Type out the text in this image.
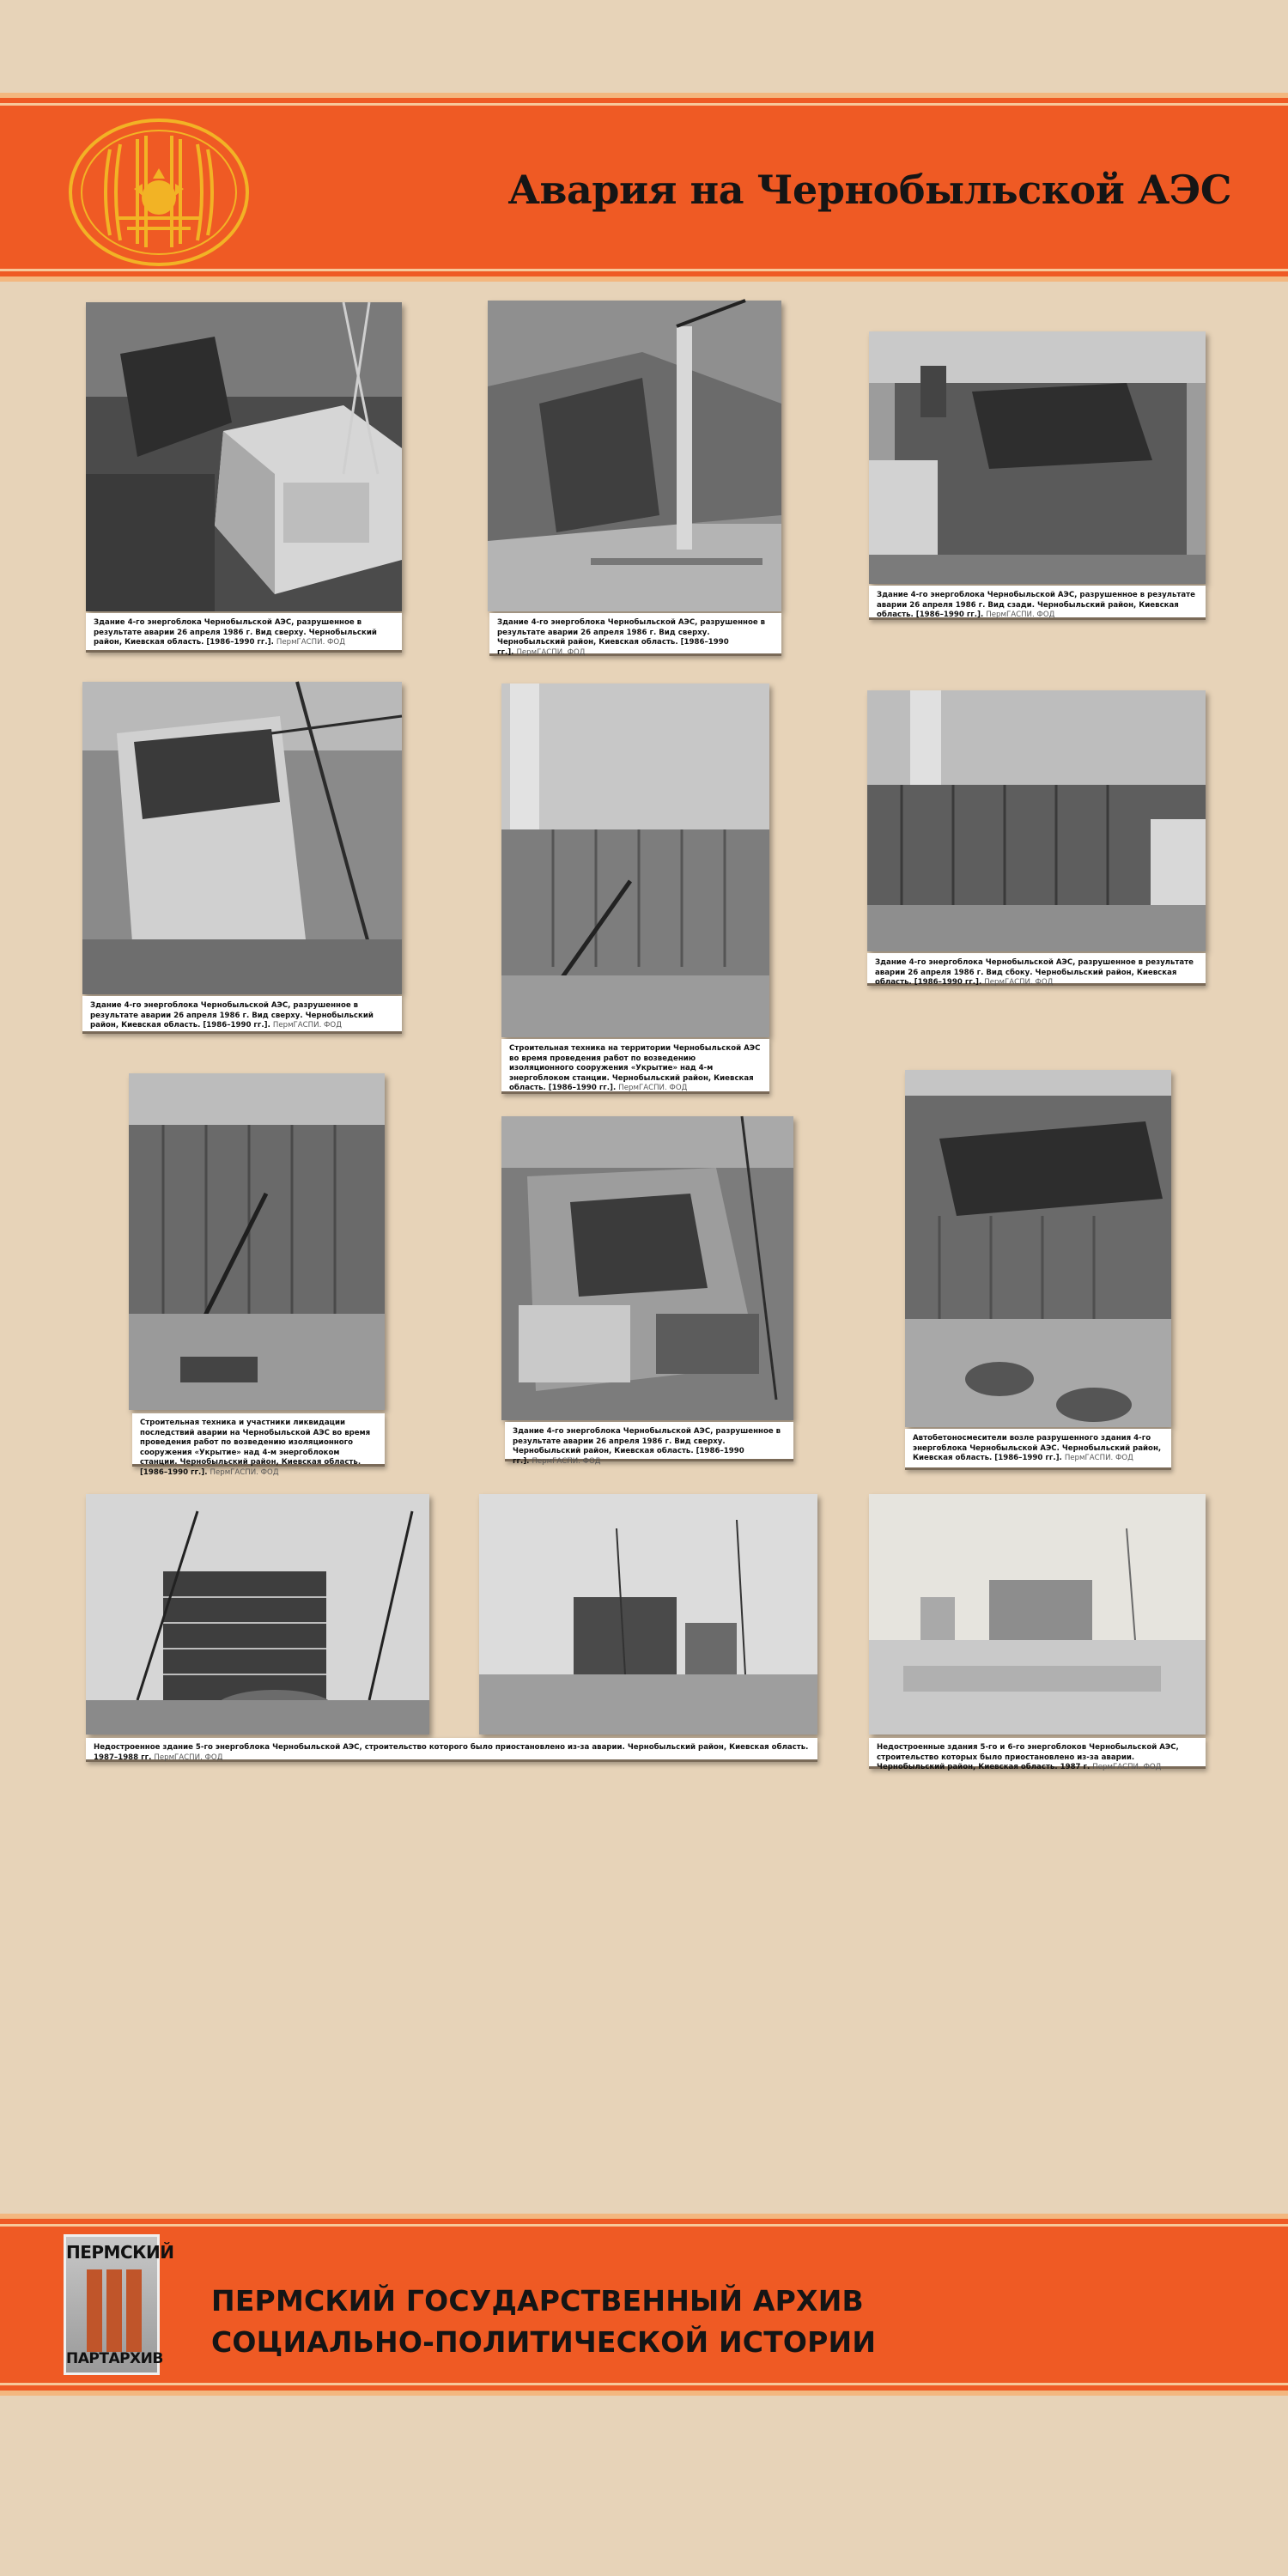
Авария на Чернобыльской АЭС
Здание 4-го энергоблока Чернобыльской АЭС, разрушенное в результате аварии 26 апреля 1986 г. Вид сверху. Чернобыльский район, Киевская область. [1986–1990 гг.]. ПермГАСПИ. ФОД
Здание 4-го энергоблока Чернобыльской АЭС, разрушенное в результате аварии 26 апреля 1986 г. Вид сверху. Чернобыльский район, Киевская область. [1986–1990 гг.]. ПермГАСПИ. ФОД
Здание 4-го энергоблока Чернобыльской АЭС, разрушенное в результате аварии 26 апреля 1986 г. Вид сзади. Чернобыльский район, Киевская область. [1986–1990 гг.]. ПермГАСПИ. ФОД
Здание 4-го энергоблока Чернобыльской АЭС, разрушенное в результате аварии 26 апреля 1986 г. Вид сверху. Чернобыльский район, Киевская область. [1986–1990 гг.]. ПермГАСПИ. ФОД
Строительная техника на территории Чернобыльской АЭС во время проведения работ по возведению изоляционного сооружения «Укрытие» над 4-м энергоблоком станции. Чернобыльский район, Киевская область. [1986–1990 гг.]. ПермГАСПИ. ФОД
Здание 4-го энергоблока Чернобыльской АЭС, разрушенное в результате аварии 26 апреля 1986 г. Вид сбоку. Чернобыльский район, Киевская область. [1986–1990 гг.]. ПермГАСПИ. ФОД
Строительная техника и участники ликвидации последствий аварии на Чернобыльской АЭС во время проведения работ по возведению изоляционного сооружения «Укрытие» над 4-м энергоблоком станции. Чернобыльский район, Киевская область. [1986–1990 гг.]. ПермГАСПИ. ФОД
Здание 4-го энергоблока Чернобыльской АЭС, разрушенное в результате аварии 26 апреля 1986 г. Вид сверху. Чернобыльский район, Киевская область. [1986–1990 гг.]. ПермГАСПИ. ФОД
Автобетоносмесители возле разрушенного здания 4-го энергоблока Чернобыльской АЭС. Чернобыльский район, Киевская область. [1986–1990 гг.]. ПермГАСПИ. ФОД
Недостроенное здание 5-го энергоблока Чернобыльской АЭС, строительство которого было приостановлено из-за аварии. Чернобыльский район, Киевская область. 1987–1988 гг. ПермГАСПИ. ФОД
Недостроенные здания 5-го и 6-го энергоблоков Чернобыльской АЭС, строительство которых было приостановлено из-за аварии. Чернобыльский район, Киевская область. 1987 г. ПермГАСПИ. ФОД
ПЕРМСКИЙ
ПАРТАРХИВ

ПЕРМСКИЙ ГОСУДАРСТВЕННЫЙ АРХИВ

СОЦИАЛЬНО-ПОЛИТИЧЕСКОЙ ИСТОРИИ
